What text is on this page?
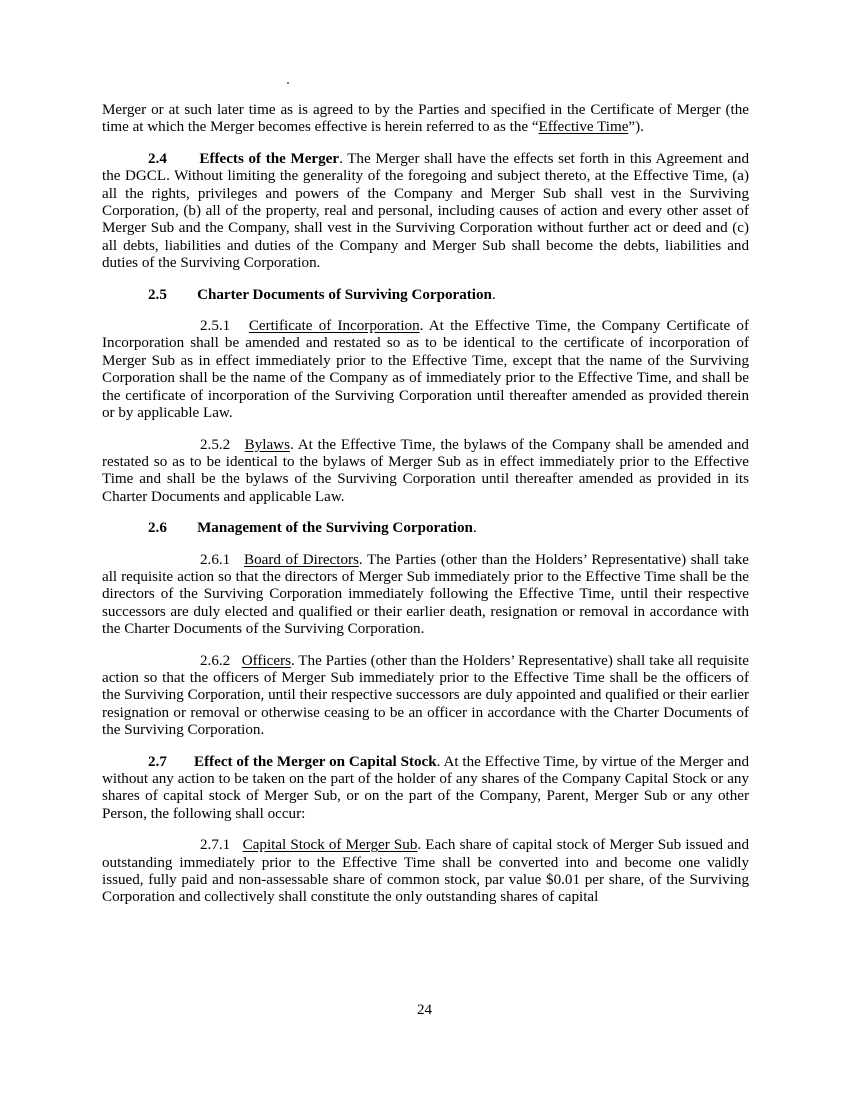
Merger or at such later time as is agreed to by the Parties and specified in the Certificate of Merger (the time at which the Merger becomes effective is herein referred to as the “Effective Time”).

2.4 Effects of the Merger. The Merger shall have the effects set forth in this Agreement and the DGCL. Without limiting the generality of the foregoing and subject thereto, at the Effective Time, (a) all the rights, privileges and powers of the Company and Merger Sub shall vest in the Surviving Corporation, (b) all of the property, real and personal, including causes of action and every other asset of Merger Sub and the Company, shall vest in the Surviving Corporation without further act or deed and (c) all debts, liabilities and duties of the Company and Merger Sub shall become the debts, liabilities and duties of the Surviving Corporation.

2.5 Charter Documents of Surviving Corporation.

2.5.1 Certificate of Incorporation. At the Effective Time, the Company Certificate of Incorporation shall be amended and restated so as to be identical to the certificate of incorporation of Merger Sub as in effect immediately prior to the Effective Time, except that the name of the Surviving Corporation shall be the name of the Company as of immediately prior to the Effective Time, and shall be the certificate of incorporation of the Surviving Corporation until thereafter amended as provided therein or by applicable Law.

2.5.2 Bylaws. At the Effective Time, the bylaws of the Company shall be amended and restated so as to be identical to the bylaws of Merger Sub as in effect immediately prior to the Effective Time and shall be the bylaws of the Surviving Corporation until thereafter amended as provided in its Charter Documents and applicable Law.

2.6 Management of the Surviving Corporation.

2.6.1 Board of Directors. The Parties (other than the Holders’ Representative) shall take all requisite action so that the directors of Merger Sub immediately prior to the Effective Time shall be the directors of the Surviving Corporation immediately following the Effective Time, until their respective successors are duly elected and qualified or their earlier death, resignation or removal in accordance with the Charter Documents of the Surviving Corporation.

2.6.2 Officers. The Parties (other than the Holders’ Representative) shall take all requisite action so that the officers of Merger Sub immediately prior to the Effective Time shall be the officers of the Surviving Corporation, until their respective successors are duly appointed and qualified or their earlier resignation or removal or otherwise ceasing to be an officer in accordance with the Charter Documents of the Surviving Corporation.

2.7 Effect of the Merger on Capital Stock. At the Effective Time, by virtue of the Merger and without any action to be taken on the part of the holder of any shares of the Company Capital Stock or any shares of capital stock of Merger Sub, or on the part of the Company, Parent, Merger Sub or any other Person, the following shall occur:

2.7.1 Capital Stock of Merger Sub. Each share of capital stock of Merger Sub issued and outstanding immediately prior to the Effective Time shall be converted into and become one validly issued, fully paid and non-assessable share of common stock, par value $0.01 per share, of the Surviving Corporation and collectively shall constitute the only outstanding shares of capital

24
